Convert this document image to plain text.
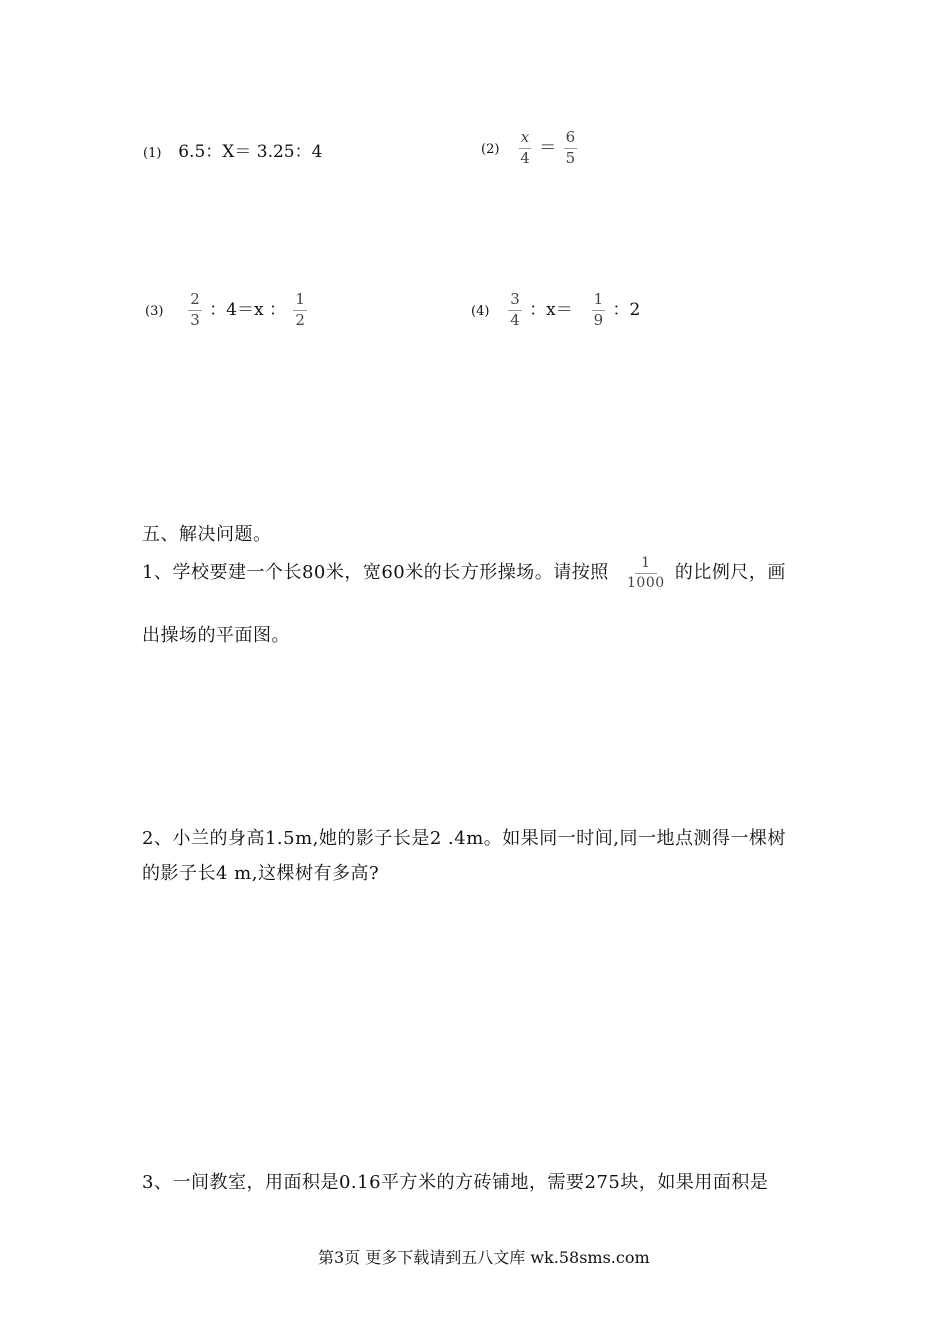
(1) 6.5：X＝ 3.25：4	$(2) \frac{x}{4} = \frac{6}{5}$
$(3) \frac{2}{3}$ ：4＝x ： $\frac{1}{2}$	$(4) \frac{3}{4}$ ：$x= \frac{1}{9}$ ：2
五、解决问题。
1、学校要建一个长80米，宽60米的长方形操场。请按照 $\frac{1}{1000}$ 的比例尺，画
出操场的平面图。
2、小兰的身高1.5m,她的影子长是2 .4m。如果同一时间,同一地点测得一棵树
的影子长4 m,这棵树有多高?
3、一间教室，用面积是0.16平方米的方砖铺地，需要275块，如果用面积是
第3页 更多下载请到五八文库 wk.58sms.com
